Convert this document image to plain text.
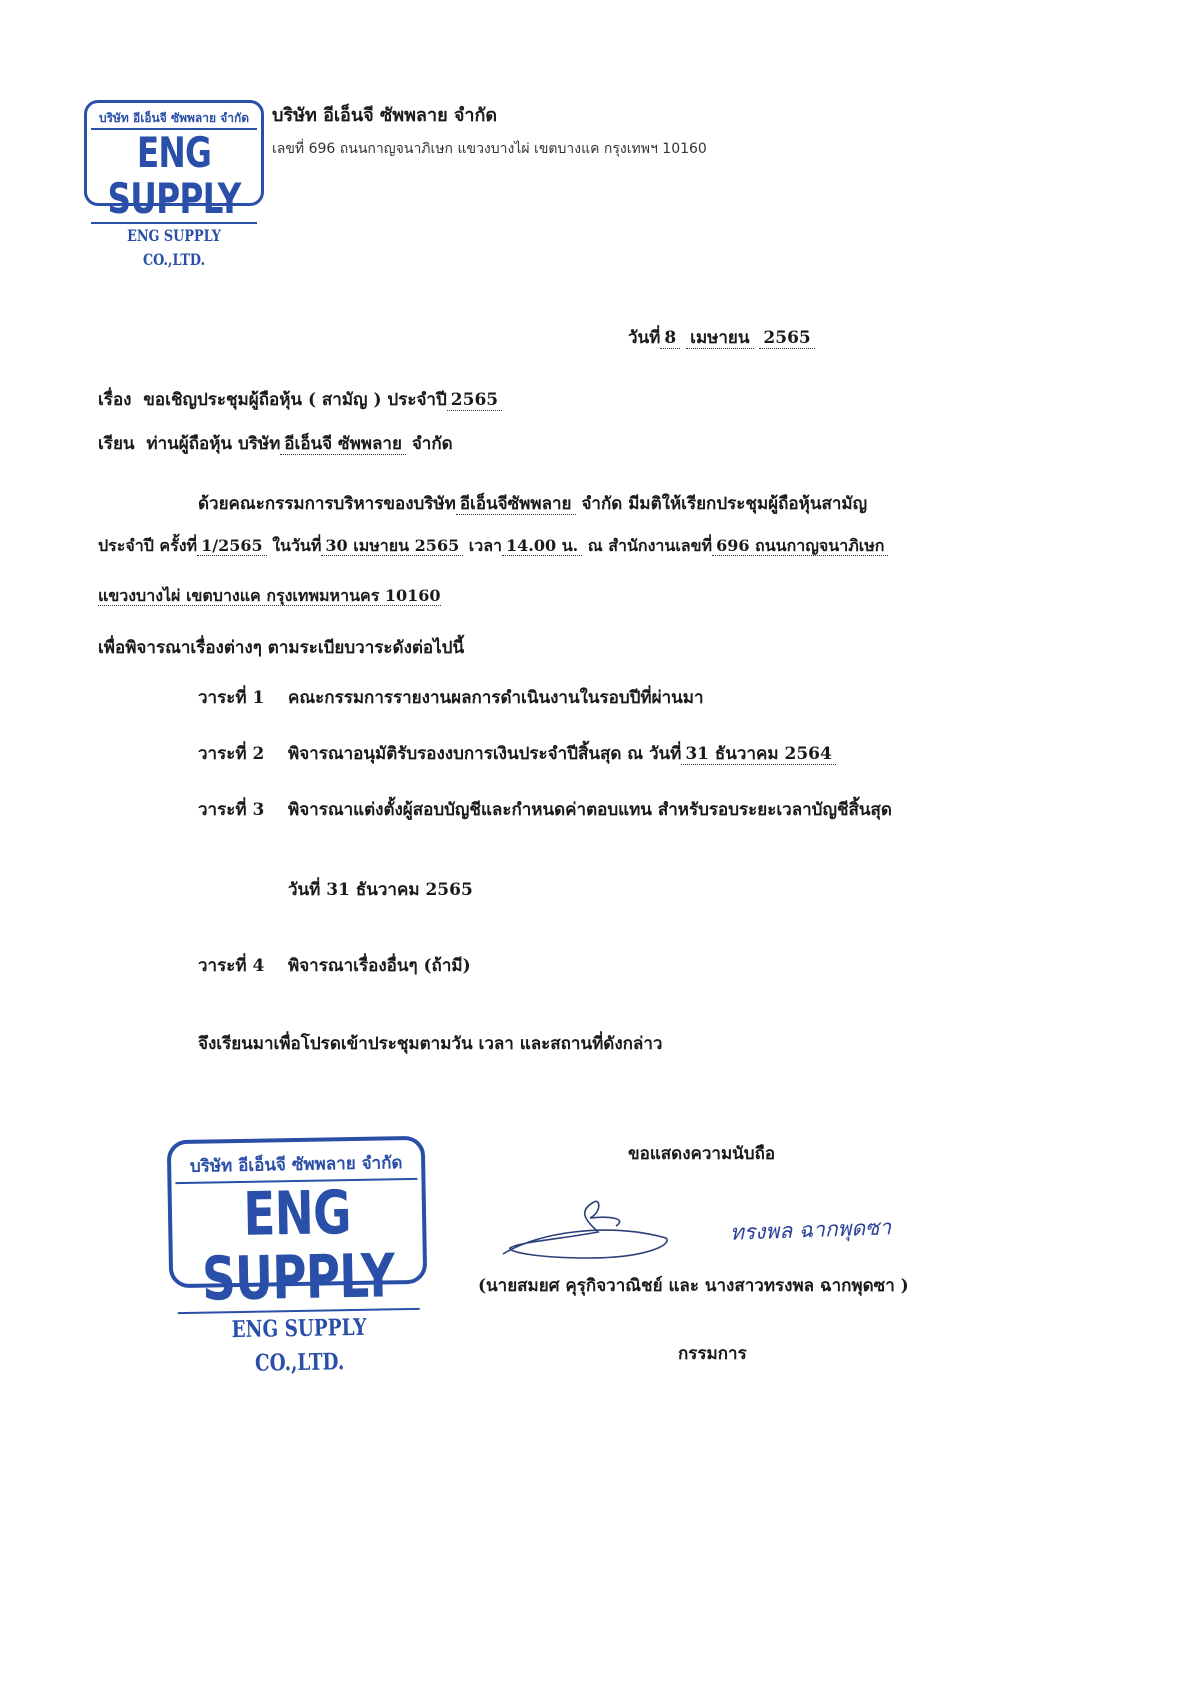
บริษัท อีเอ็นจี ซัพพลาย จำกัด
ENG SUPPLY
ENG SUPPLY CO.,LTD.
บริษัท อีเอ็นจี ซัพพลาย จำกัด
เลขที่ 696 ถนนกาญจนาภิเษก แขวงบางไผ่ เขตบางแค กรุงเทพฯ 10160
วันที่ 8 เมษายน 2565
เรื่อง ขอเชิญประชุมผู้ถือหุ้น ( สามัญ ) ประจำปี 2565
เรียน ท่านผู้ถือหุ้น บริษัท อีเอ็นจี ซัพพลาย จำกัด
ด้วยคณะกรรมการบริหารของบริษัท อีเอ็นจีซัพพลาย จำกัด มีมติให้เรียกประชุมผู้ถือหุ้นสามัญ
ประจำปี ครั้งที่ 1/2565 ในวันที่ 30 เมษายน 2565 เวลา 14.00 น. ณ สำนักงานเลขที่ 696 ถนนกาญจนาภิเษก
แขวงบางไผ่ เขตบางแค กรุงเทพมหานคร 10160
เพื่อพิจารณาเรื่องต่างๆ ตามระเบียบวาระดังต่อไปนี้
วาระที่ 1 คณะกรรมการรายงานผลการดำเนินงานในรอบปีที่ผ่านมา
วาระที่ 2 พิจารณาอนุมัติรับรองงบการเงินประจำปีสิ้นสุด ณ วันที่ 31 ธันวาคม 2564
วาระที่ 3 พิจารณาแต่งตั้งผู้สอบบัญชีและกำหนดค่าตอบแทน สำหรับรอบระยะเวลาบัญชีสิ้นสุด
วันที่ 31 ธันวาคม 2565
วาระที่ 4 พิจารณาเรื่องอื่นๆ (ถ้ามี)
จึงเรียนมาเพื่อโปรดเข้าประชุมตามวัน เวลา และสถานที่ดังกล่าว
บริษัท อีเอ็นจี ซัพพลาย จำกัด
ENG SUPPLY
ENG SUPPLY CO.,LTD.
ขอแสดงความนับถือ
ทรงพล ฉากพุดซา
(นายสมยศ คุรุกิจวาณิชย์ และ นางสาวทรงพล ฉากพุดซา )
กรรมการ
